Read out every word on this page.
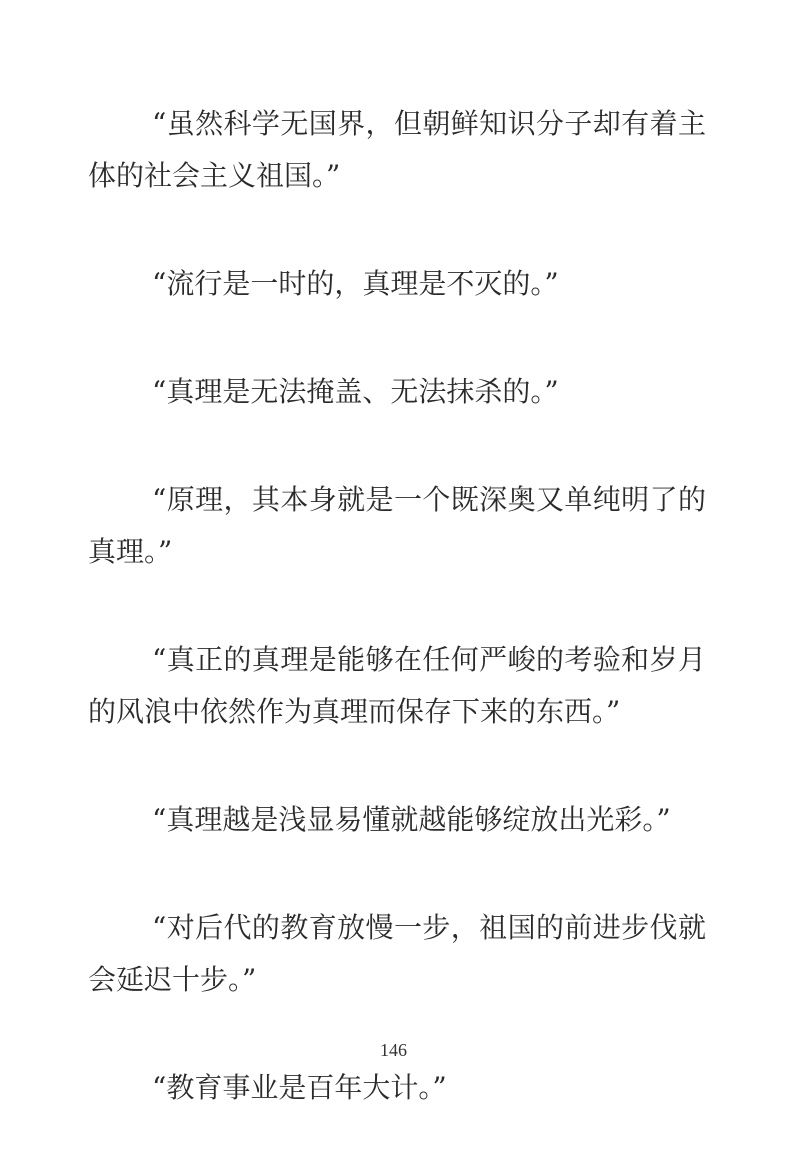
“虽然科学无国界，但朝鲜知识分子却有着主体的社会主义祖国。”

“流行是一时的，真理是不灭的。”

“真理是无法掩盖、无法抹杀的。”

“原理，其本身就是一个既深奥又单纯明了的真理。”

“真正的真理是能够在任何严峻的考验和岁月的风浪中依然作为真理而保存下来的东西。”

“真理越是浅显易懂就越能够绽放出光彩。”

“对后代的教育放慢一步，祖国的前进步伐就会延迟十步。”

“教育事业是百年大计。”

146
